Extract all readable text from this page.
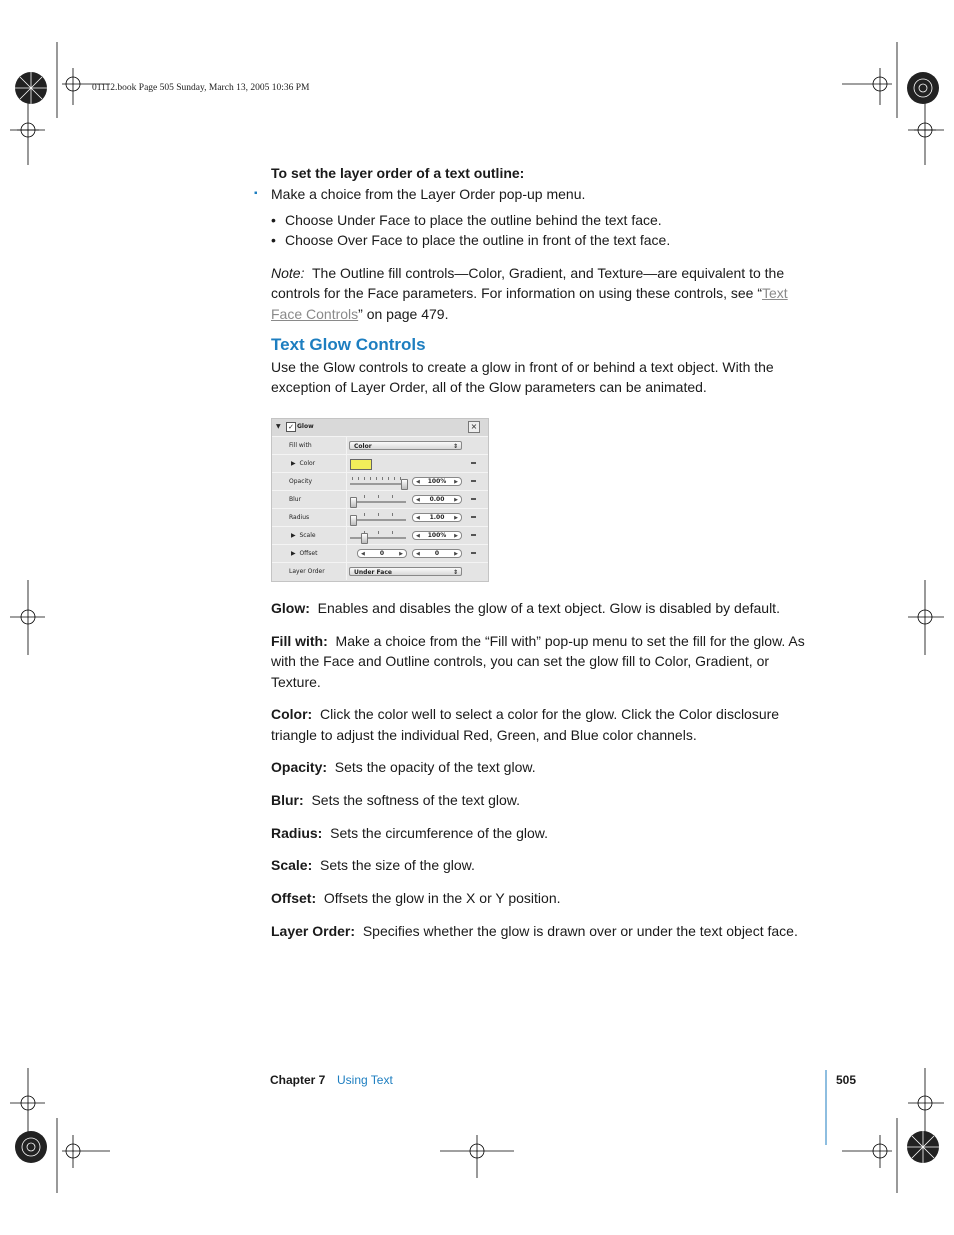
01112.book Page 505 Sunday, March 13, 2005 10:36 PM
To set the layer order of a text outline:
▪ Make a choice from the Layer Order pop-up menu.
• Choose Under Face to place the outline behind the text face.
• Choose Over Face to place the outline in front of the text face.
Note: The Outline fill controls—Color, Gradient, and Texture—are equivalent to the
controls for the Face parameters. For information on using these controls, see “Text
Face Controls” on page 479.
Text Glow Controls
Use the Glow controls to create a glow in front of or behind a text object. With the
exception of Layer Order, all of the Glow parameters can be animated.
▼ ✓ Glow	×
Fill with	Color	⇕
▶ Color
Opacity	◀ 100% ▶
Blur	◀ 0.00 ▶
Radius	◀ 1.00 ▶
▶ Scale	◀ 100% ▶
▶ Offset	◀	0	▶	◀	0	▶
Layer Order	Under Face	⇕
Glow: Enables and disables the glow of a text object. Glow is disabled by default.
Fill with: Make a choice from the “Fill with” pop-up menu to set the fill for the glow. As
with the Face and Outline controls, you can set the glow fill to Color, Gradient, or
Texture.
Color: Click the color well to select a color for the glow. Click the Color disclosure
triangle to adjust the individual Red, Green, and Blue color channels.
Opacity: Sets the opacity of the text glow.
Blur: Sets the softness of the text glow.
Radius: Sets the circumference of the glow.
Scale: Sets the size of the glow.
Offset: Offsets the glow in the X or Y position.
Layer Order: Specifies whether the glow is drawn over or under the text object face.
Chapter 7 Using Text	505
